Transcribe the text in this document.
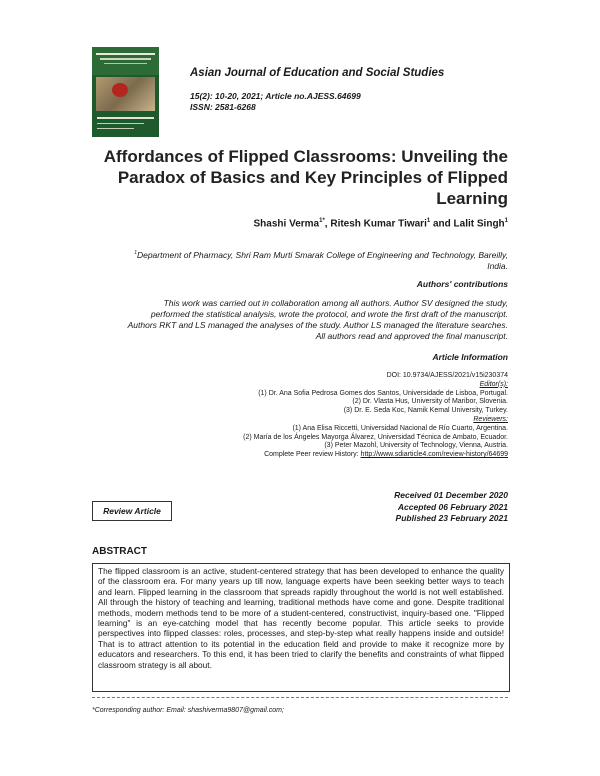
Asian Journal of Education and Social Studies
15(2): 10-20, 2021; Article no.AJESS.64699
ISSN: 2581-6268
Affordances of Flipped Classrooms: Unveiling the
Paradox of Basics and Key Principles of Flipped
Learning
Shashi Verma$^{1*}$, Ritesh Kumar Tiwari$^1$ and Lalit Singh$^1$
$^1$Department of Pharmacy, Shri Ram Murti Smarak College of Engineering and Technology, Bareilly,
India.
Authors' contributions
This work was carried out in collaboration among all authors. Author SV designed the study,
performed the statistical analysis, wrote the protocol, and wrote the first draft of the manuscript.
Authors RKT and LS managed the analyses of the study. Author LS managed the literature searches.
All authors read and approved the final manuscript.
Article Information
DOI: 10.9734/AJESS/2021/v15i230374
Editor(s):
(1) Dr. Ana Sofia Pedrosa Gomes dos Santos, Universidade de Lisboa, Portugal.
(2) Dr. Vlasta Hus, University of Maribor, Slovenia.
(3) Dr. E. Seda Koc, Namik Kemal University, Turkey.
Reviewers:
(1) Ana Elisa Riccetti, Universidad Nacional de Río Cuarto, Argentina.
(2) María de los Ángeles Mayorga Álvarez, Universidad Técnica de Ambato, Ecuador.
(3) Peter Mazohl, University of Technology, Vienna, Austria.
Complete Peer review History: http://www.sdiarticle4.com/review-history/64699
Review Article
Received 01 December 2020
Accepted 06 February 2021
Published 23 February 2021
ABSTRACT
The flipped classroom is an active, student-centered strategy that has been developed to enhance the quality of the classroom era. For many years up till now, language experts have been seeking better ways to teach and learn. Flipped learning in the classroom that spreads rapidly throughout the world is not well established. All through the history of teaching and learning, traditional methods have come and gone. Despite traditional methods, modern methods tend to be more of a student-centered, constructivist, inquiry-based one. "Flipped learning" is an eye-catching model that has recently become popular. This article seeks to provide perspectives into flipped classes: roles, processes, and step-by-step what really happens inside and outside! That is to attract attention to its potential in the education field and provide to make it recognize more by educators and researchers. To this end, it has been tried to clarify the benefits and constraints of what flipped classroom strategy is all about.
*Corresponding author: Email: shashiverma9807@gmail.com;
